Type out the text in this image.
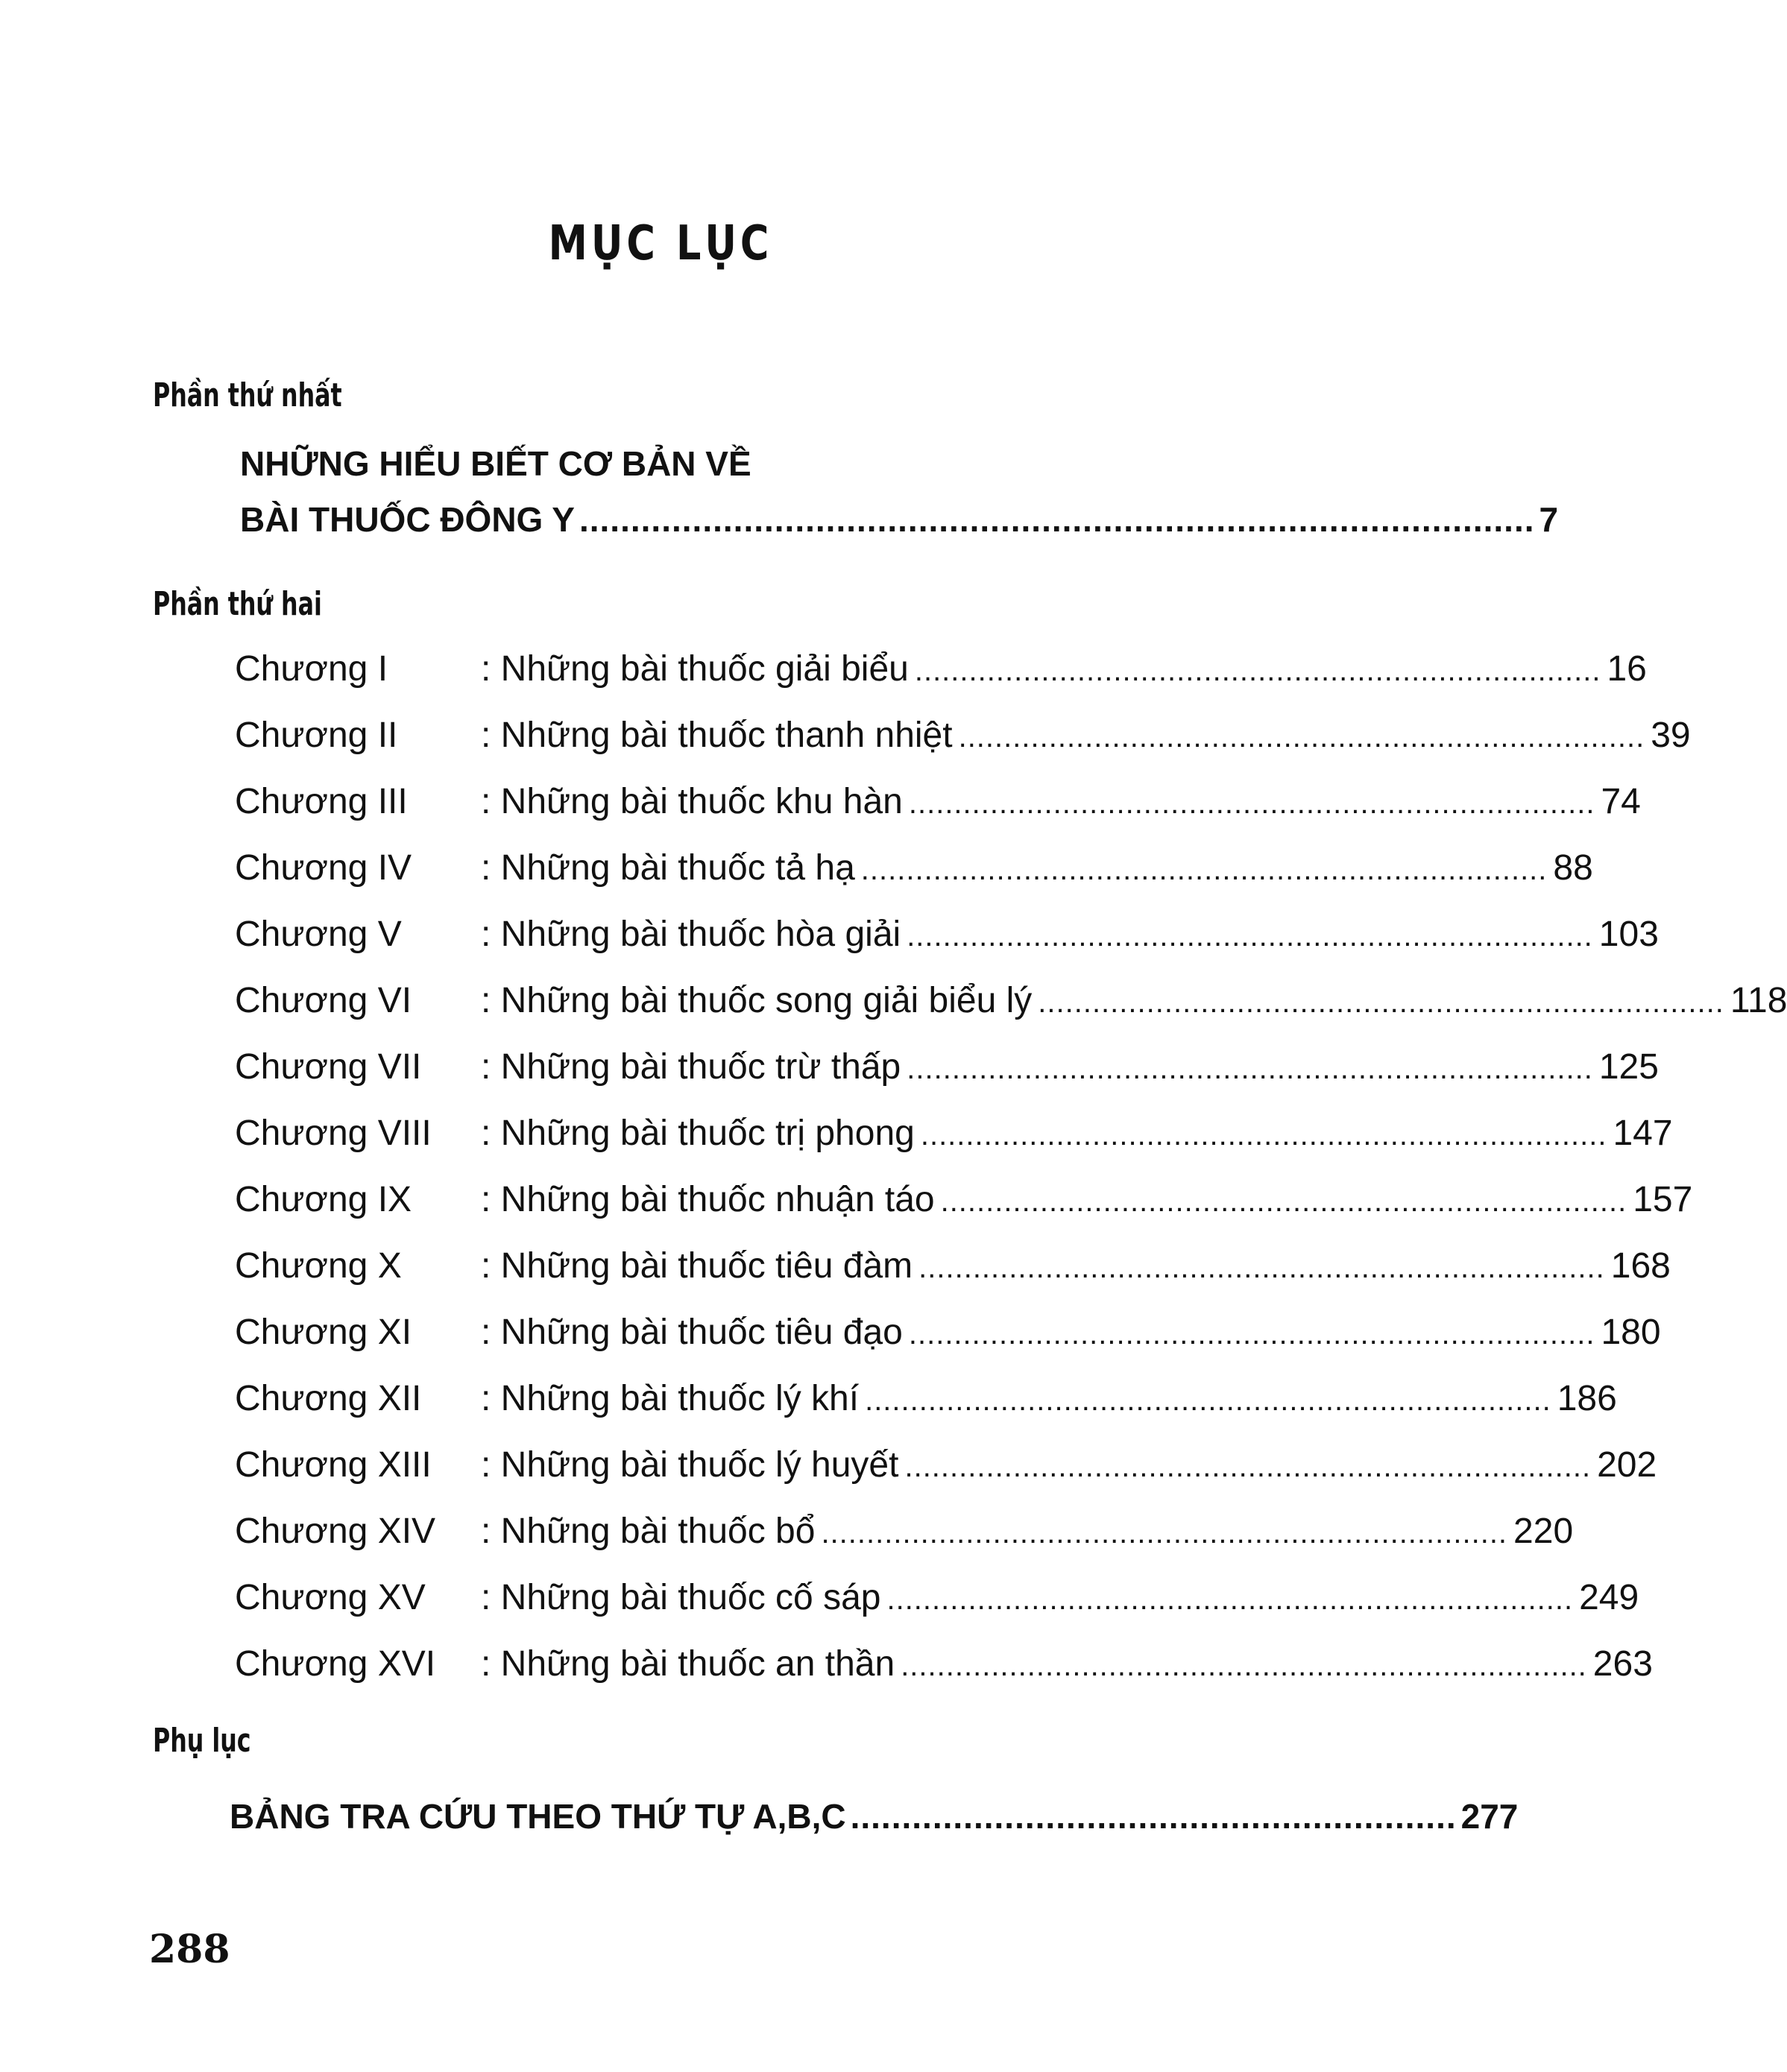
MỤC LỤC
Phần thứ nhất
NHỮNG HIỂU BIẾT CƠ BẢN VỀ
BÀI THUỐC ĐÔNG Y ............................................................................................. 7
Phần thứ hai
Chương I	: Những bài thuốc giải biểu ............................................................................ 16
Chương II	: Những bài thuốc thanh nhiệt ............................................................................ 39
Chương III	: Những bài thuốc khu hàn ............................................................................ 74
Chương IV	: Những bài thuốc tả hạ ............................................................................ 88
Chương V	: Những bài thuốc hòa giải ............................................................................ 103
Chương VI	: Những bài thuốc song giải biểu lý ............................................................................ 118
Chương VII	: Những bài thuốc trừ thấp ............................................................................ 125
Chương VIII	: Những bài thuốc trị phong ............................................................................ 147
Chương IX	: Những bài thuốc nhuận táo ............................................................................ 157
Chương X	: Những bài thuốc tiêu đàm ............................................................................ 168
Chương XI	: Những bài thuốc tiêu đạo ............................................................................ 180
Chương XII	: Những bài thuốc lý khí ............................................................................ 186
Chương XIII	: Những bài thuốc lý huyết ............................................................................ 202
Chương XIV	: Những bài thuốc bổ ............................................................................ 220
Chương XV	: Những bài thuốc cố sáp ............................................................................ 249
Chương XVI	: Những bài thuốc an thần ............................................................................ 263
Phụ lục
BẢNG TRA CỨU THEO THỨ TỰ A,B,C ........................................................... 277
288
